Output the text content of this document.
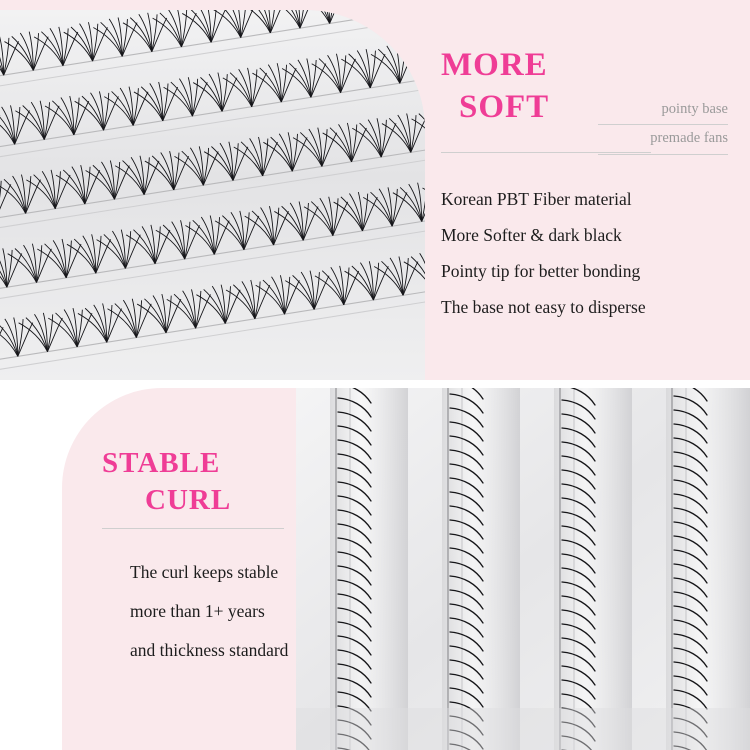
MORE
SOFT	pointy base
premade fans
Korean PBT Fiber material
More Softer & dark black
Pointy tip for better bonding
The base not easy to disperse
STABLE
CURL
The curl keeps stable
more than 1+ years
and thickness standard
